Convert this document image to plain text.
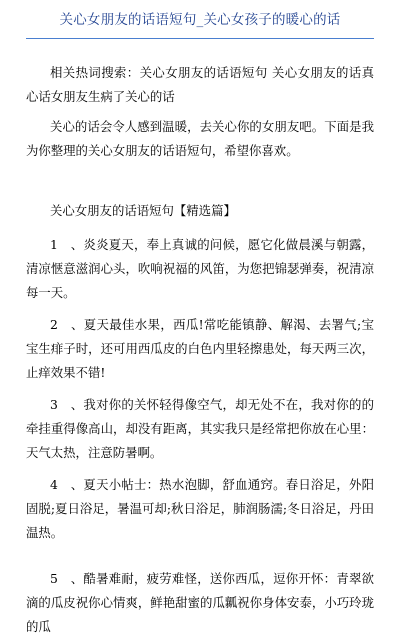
关心女朋友的话语短句_关心女孩子的暖心的话

相关热词搜索：关心女朋友的话语短句 关心女朋友的话真心话女朋友生病了关心的话

关心的话会令人感到温暖，去关心你的女朋友吧。下面是我为你整理的关心女朋友的话语短句，希望你喜欢。

关心女朋友的话语短句【精选篇】

1　、炎炎夏天，奉上真诚的问候，愿它化做晨溪与朝露，清凉惬意滋润心头，吹响祝福的风笛，为您把锦瑟弹奏，祝清凉每一天。

2　、夏天最佳水果，西瓜!常吃能镇静、解渴、去署气;宝宝生痱子时，还可用西瓜皮的白色内里轻擦患处，每天两三次，止痒效果不错!

3　、我对你的关怀轻得像空气，却无处不在，我对你的的牵挂重得像高山，却没有距离，其实我只是经常把你放在心里：天气太热，注意防暑啊。

4　、夏天小帖士：热水泡脚，舒血通窍。春日浴足，外阳固脱;夏日浴足，暑温可却;秋日浴足，肺润肠濡;冬日浴足，丹田温热。

5　、酷暑难耐，疲劳难怪，送你西瓜，逗你开怀：青翠欲滴的瓜皮祝你心情爽，鲜艳甜蜜的瓜瓤祝你身体安泰，小巧玲珑的瓜
